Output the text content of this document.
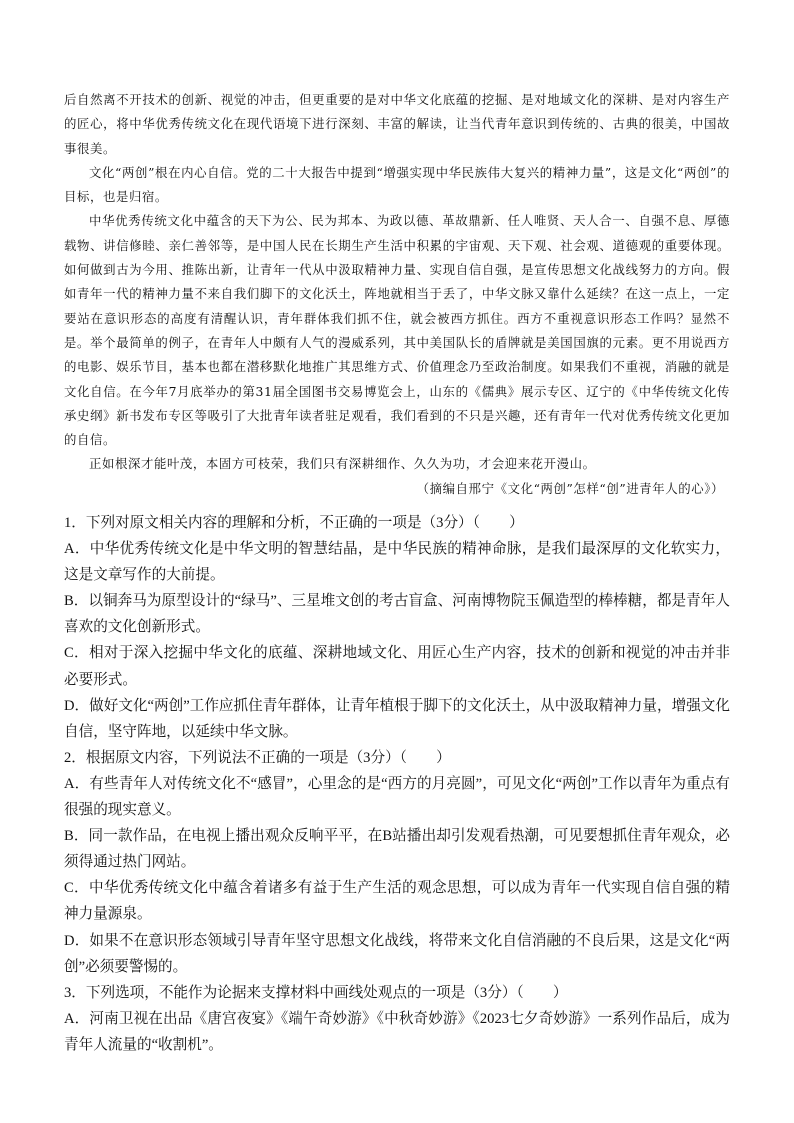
后自然离不开技术的创新、视觉的冲击，但更重要的是对中华文化底蕴的挖掘、是对地域文化的深耕、是对内容生产的匠心，将中华优秀传统文化在现代语境下进行深刻、丰富的解读，让当代青年意识到传统的、古典的很美，中国故事很美。

文化“两创”根在内心自信。党的二十大报告中提到“增强实现中华民族伟大复兴的精神力量”，这是文化“两创”的目标，也是归宿。

中华优秀传统文化中蕴含的天下为公、民为邦本、为政以德、革故鼎新、任人唯贤、天人合一、自强不息、厚德载物、讲信修睦、亲仁善邻等，是中国人民在长期生产生活中积累的宇宙观、天下观、社会观、道德观的重要体现。如何做到古为今用、推陈出新，让青年一代从中汲取精神力量、实现自信自强，是宣传思想文化战线努力的方向。假如青年一代的精神力量不来自我们脚下的文化沃土，阵地就相当于丢了，中华文脉又靠什么延续？在这一点上，一定要站在意识形态的高度有清醒认识，青年群体我们抓不住，就会被西方抓住。西方不重视意识形态工作吗？显然不是。举个最简单的例子，在青年人中颇有人气的漫威系列，其中美国队长的盾牌就是美国国旗的元素。更不用说西方的电影、娱乐节目，基本也都在潜移默化地推广其思维方式、价值理念乃至政治制度。如果我们不重视，消融的就是文化自信。在今年7月底举办的第31届全国图书交易博览会上，山东的《儒典》展示专区、辽宁的《中华传统文化传承史纲》新书发布专区等吸引了大批青年读者驻足观看，我们看到的不只是兴趣，还有青年一代对优秀传统文化更加的自信。

正如根深才能叶茂，本固方可枝荣，我们只有深耕细作、久久为功，才会迎来花开漫山。

（摘编自邢宁《文化“两创”怎样“创”进青年人的心》）

1．下列对原文相关内容的理解和分析，不正确的一项是（3分）（　　）

A．中华优秀传统文化是中华文明的智慧结晶，是中华民族的精神命脉，是我们最深厚的文化软实力，这是文章写作的大前提。

B．以铜奔马为原型设计的“绿马”、三星堆文创的考古盲盒、河南博物院玉佩造型的棒棒糖，都是青年人喜欢的文化创新形式。

C．相对于深入挖掘中华文化的底蕴、深耕地域文化、用匠心生产内容，技术的创新和视觉的冲击并非必要形式。

D．做好文化“两创”工作应抓住青年群体，让青年植根于脚下的文化沃土，从中汲取精神力量，增强文化自信，坚守阵地，以延续中华文脉。

2．根据原文内容，下列说法不正确的一项是（3分）（　　）

A．有些青年人对传统文化不“感冒”，心里念的是“西方的月亮圆”，可见文化“两创”工作以青年为重点有很强的现实意义。

B．同一款作品，在电视上播出观众反响平平，在B站播出却引发观看热潮，可见要想抓住青年观众，必须得通过热门网站。

C．中华优秀传统文化中蕴含着诸多有益于生产生活的观念思想，可以成为青年一代实现自信自强的精神力量源泉。

D．如果不在意识形态领域引导青年坚守思想文化战线，将带来文化自信消融的不良后果，这是文化“两创”必须要警惕的。

3．下列选项，不能作为论据来支撑材料中画线处观点的一项是（3分）（　　）

A．河南卫视在出品《唐宫夜宴》《端午奇妙游》《中秋奇妙游》《2023七夕奇妙游》一系列作品后，成为青年人流量的“收割机”。
